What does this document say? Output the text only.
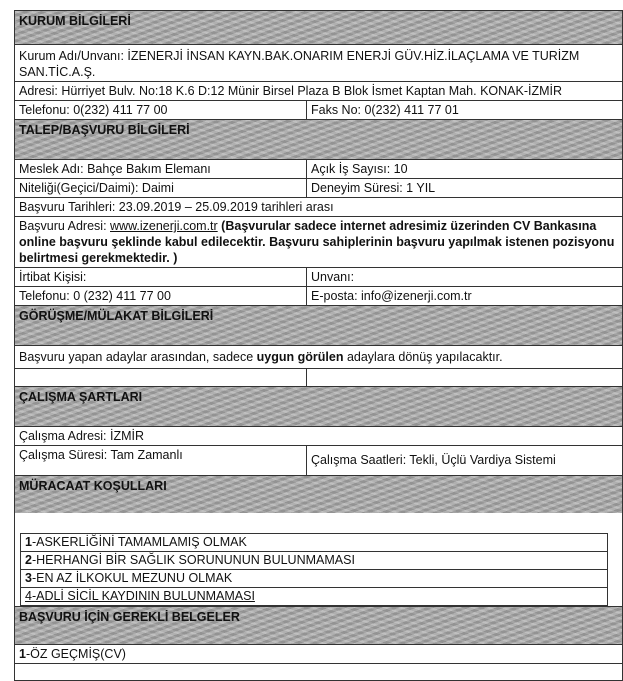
KURUM BİLGİLERİ
Kurum Adı/Unvanı: İZENERJİ İNSAN KAYN.BAK.ONARIM ENERJİ GÜV.HİZ.İLAÇLAMA VE TURİZM SAN.TİC.A.Ş.
Adresi: Hürriyet Bulv. No:18 K.6 D:12 Münir Birsel Plaza B Blok İsmet Kaptan Mah. KONAK-İZMİR
Telefonu: 0(232) 411 77 00	Faks No: 0(232) 411 77 01
TALEP/BAŞVURU BİLGİLERİ
Meslek Adı: Bahçe Bakım Elemanı	Açık İş Sayısı: 10
Niteliği(Geçici/Daimi): Daimi	Deneyim Süresi: 1 YIL
Başvuru Tarihleri: 23.09.2019 – 25.09.2019 tarihleri arası
Başvuru Adresi: www.izenerji.com.tr (Başvurular sadece internet adresimiz üzerinden CV Bankasına online başvuru şeklinde kabul edilecektir. Başvuru sahiplerinin başvuru yapılmak istenen pozisyonu belirtmesi gerekmektedir. )
İrtibat Kişisi:	Unvanı:
Telefonu: 0 (232) 411 77 00	E-posta: info@izenerji.com.tr
GÖRÜŞME/MÜLAKAT BİLGİLERİ
Başvuru yapan adaylar arasından, sadece uygun görülen adaylara dönüş yapılacaktır.
ÇALIŞMA ŞARTLARI
Çalışma Adresi: İZMİR
Çalışma Süresi: Tam Zamanlı	Çalışma Saatleri: Tekli, Üçlü Vardiya Sistemi
MÜRACAAT KOŞULLARI
1-ASKERLİĞİNİ TAMAMLAMIŞ OLMAK
2-HERHANGİ BİR SAĞLIK SORUNUNUN BULUNMAMASI
3-EN AZ İLKOKUL MEZUNU OLMAK
4-ADLİ SİCİL KAYDININ BULUNMAMASI
BAŞVURU İÇİN GEREKLİ BELGELER
1-ÖZ GEÇMİŞ(CV)
